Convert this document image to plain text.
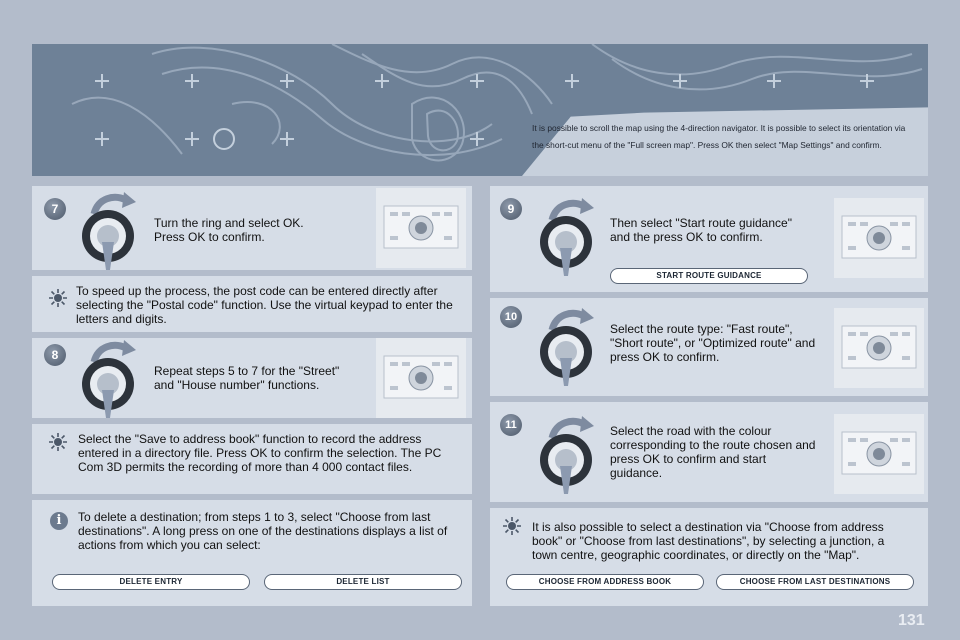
It is possible to scroll the map using the 4-direction navigator. It is possible to select its orientation via the short-cut menu of the "Full screen map". Press OK then select "Map Settings" and confirm.

7

Turn the ring and select OK.

Press OK to confirm.

To speed up the process, the post code can be entered directly after selecting the "Postal code" function. Use the virtual keypad to enter the letters and digits.

8

Repeat steps 5 to 7 for the "Street"

and "House number" functions.

Select the "Save to address book" function to record the address entered in a directory file. Press OK to confirm the selection. The PC Com 3D permits the recording of more than 4 000 contact files.

i	To delete a destination; from steps 1 to 3, select "Choose from last destinations". A long press on one of the destinations displays a list of actions from which you can select:

DELETE ENTRY	DELETE LIST
9

Then select "Start route guidance"

and the press OK to confirm.

START ROUTE GUIDANCE
10

Select the route type: "Fast route", "Short route", or "Optimized route" and press OK to confirm.

11	Select the road with the colour corresponding to the route chosen and press OK to confirm and start guidance.

It is also possible to select a destination via "Choose from address book" or "Choose from last destinations", by selecting a junction, a town centre, geographic coordinates, or directly on the "Map".

CHOOSE FROM ADDRESS BOOK	CHOOSE FROM LAST DESTINATIONS
131
